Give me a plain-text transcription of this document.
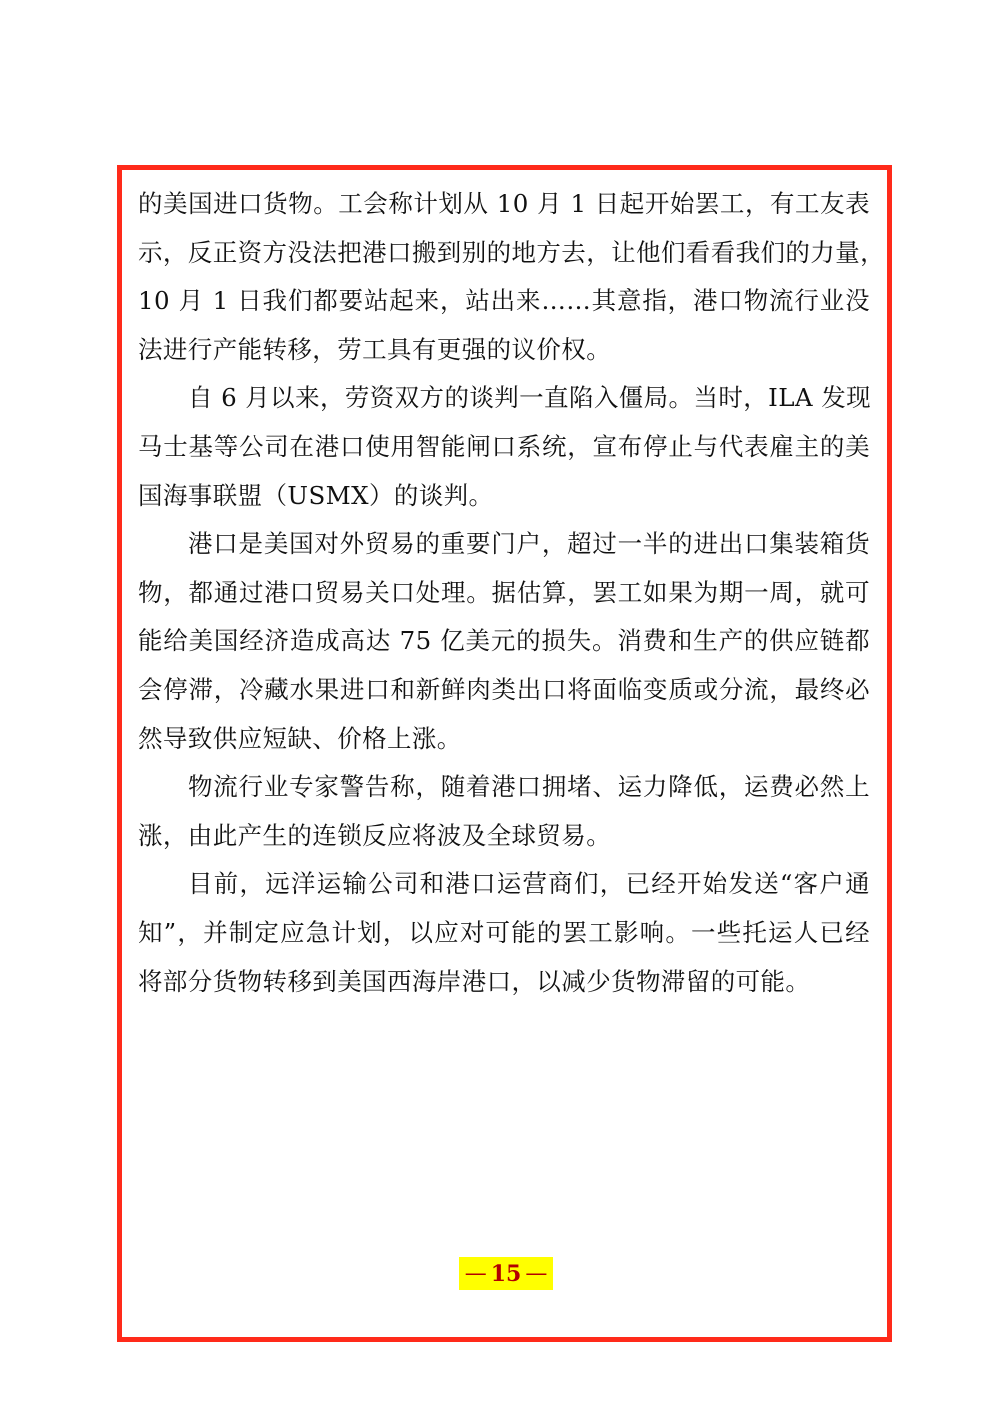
的美国进口货物。工会称计划从 10 月 1 日起开始罢工，有工友表
示，反正资方没法把港口搬到别的地方去，让他们看看我们的力量，
10 月 1 日我们都要站起来，站出来……其意指，港口物流行业没
法进行产能转移，劳工具有更强的议价权。
自 6 月以来，劳资双方的谈判一直陷入僵局。当时，ILA 发现
马士基等公司在港口使用智能闸口系统，宣布停止与代表雇主的美
国海事联盟（USMX）的谈判。
港口是美国对外贸易的重要门户，超过一半的进出口集装箱货
物，都通过港口贸易关口处理。据估算，罢工如果为期一周，就可
能给美国经济造成高达 75 亿美元的损失。消费和生产的供应链都
会停滞，冷藏水果进口和新鲜肉类出口将面临变质或分流，最终必
然导致供应短缺、价格上涨。
物流行业专家警告称，随着港口拥堵、运力降低，运费必然上
涨，由此产生的连锁反应将波及全球贸易。
目前，远洋运输公司和港口运营商们，已经开始发送“客户通
知”，并制定应急计划，以应对可能的罢工影响。一些托运人已经
将部分货物转移到美国西海岸港口，以减少货物滞留的可能。
— 15 —
